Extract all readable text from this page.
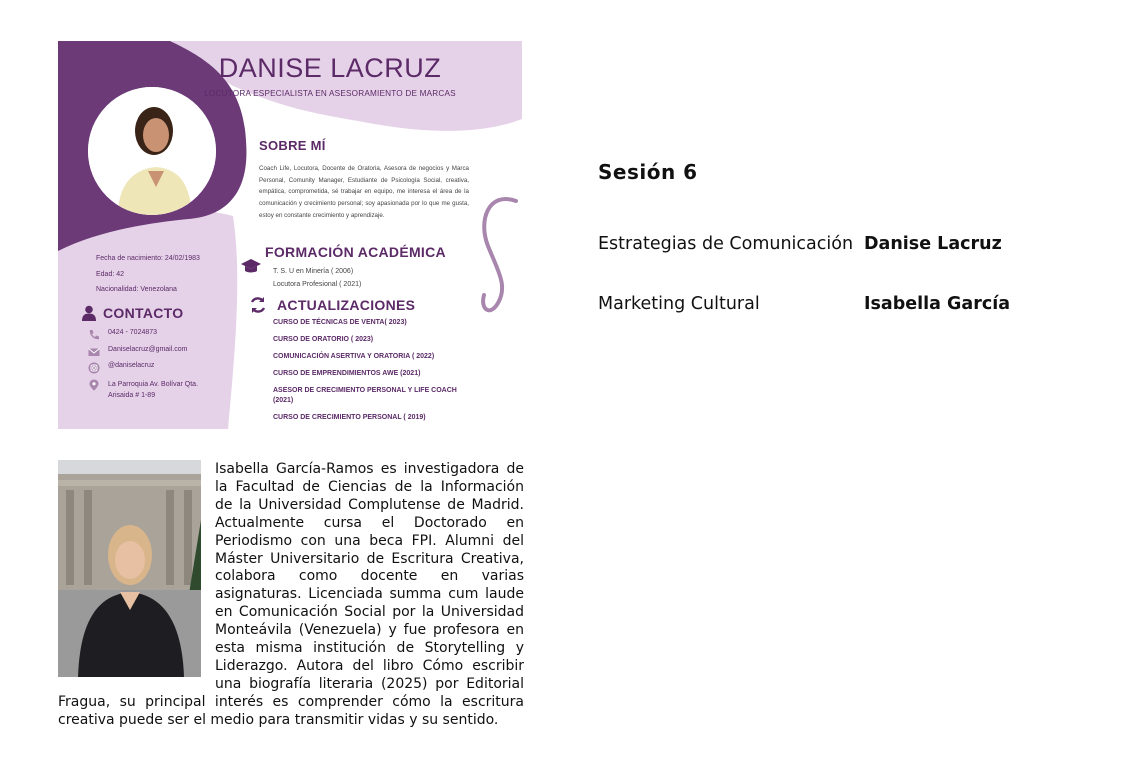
DANISE LACRUZ
LOCUTORA ESPECIALISTA EN ASESORAMIENTO DE MARCAS
SOBRE MÍ
Coach Life, Locutora, Docente de Oratoria, Asesora de negocios y Marca Personal, Comunity Manager, Estudiante de Psicología Social, creativa, empática, comprometida, sé trabajar en equipo, me interesa el área de la comunicación y crecimiento personal; soy apasionada por lo que me gusta, estoy en constante crecimiento y aprendizaje.
FORMACIÓN ACADÉMICA
T. S. U en Minería ( 2006)
Locutora Profesional ( 2021)
ACTUALIZACIONES
CURSO DE TÉCNICAS DE VENTA( 2023)
CURSO DE ORATORIO ( 2023)
COMUNICACIÓN ASERTIVA Y ORATORIA ( 2022)
CURSO DE EMPRENDIMIENTOS AWE (2021)
ASESOR DE CRECIMIENTO PERSONAL Y LIFE COACH (2021)
CURSO DE CRECIMIENTO PERSONAL ( 2019)
Fecha de nacimiento: 24/02/1983
Edad: 42
Nacionalidad: Venezolana
CONTACTO
0424 - 7024873
Daniselacruz@gmail.com
@daniselacruz
La Parroquia Av. Bolívar Qta.
Arisaida # 1-89
Sesión 6
Estrategias de Comunicación Danise Lacruz
Marketing Cultural	Isabella García
Isabella García-Ramos es investigadora de la Facultad de Ciencias de la Información de la Universidad Complutense de Madrid. Actualmente cursa el Doctorado en Periodismo con una beca FPI. Alumni del Máster Universitario de Escritura Creativa, colabora como docente en varias asignaturas. Licenciada summa cum laude en Comunicación Social por la Universidad Monteávila (Venezuela) y fue profesora en esta misma institución de Storytelling y Liderazgo. Autora del libro Cómo escribir una biografía literaria (2025) por Editorial Fragua, su principal interés es comprender cómo la escritura creativa puede ser el medio para transmitir vidas y su sentido.
